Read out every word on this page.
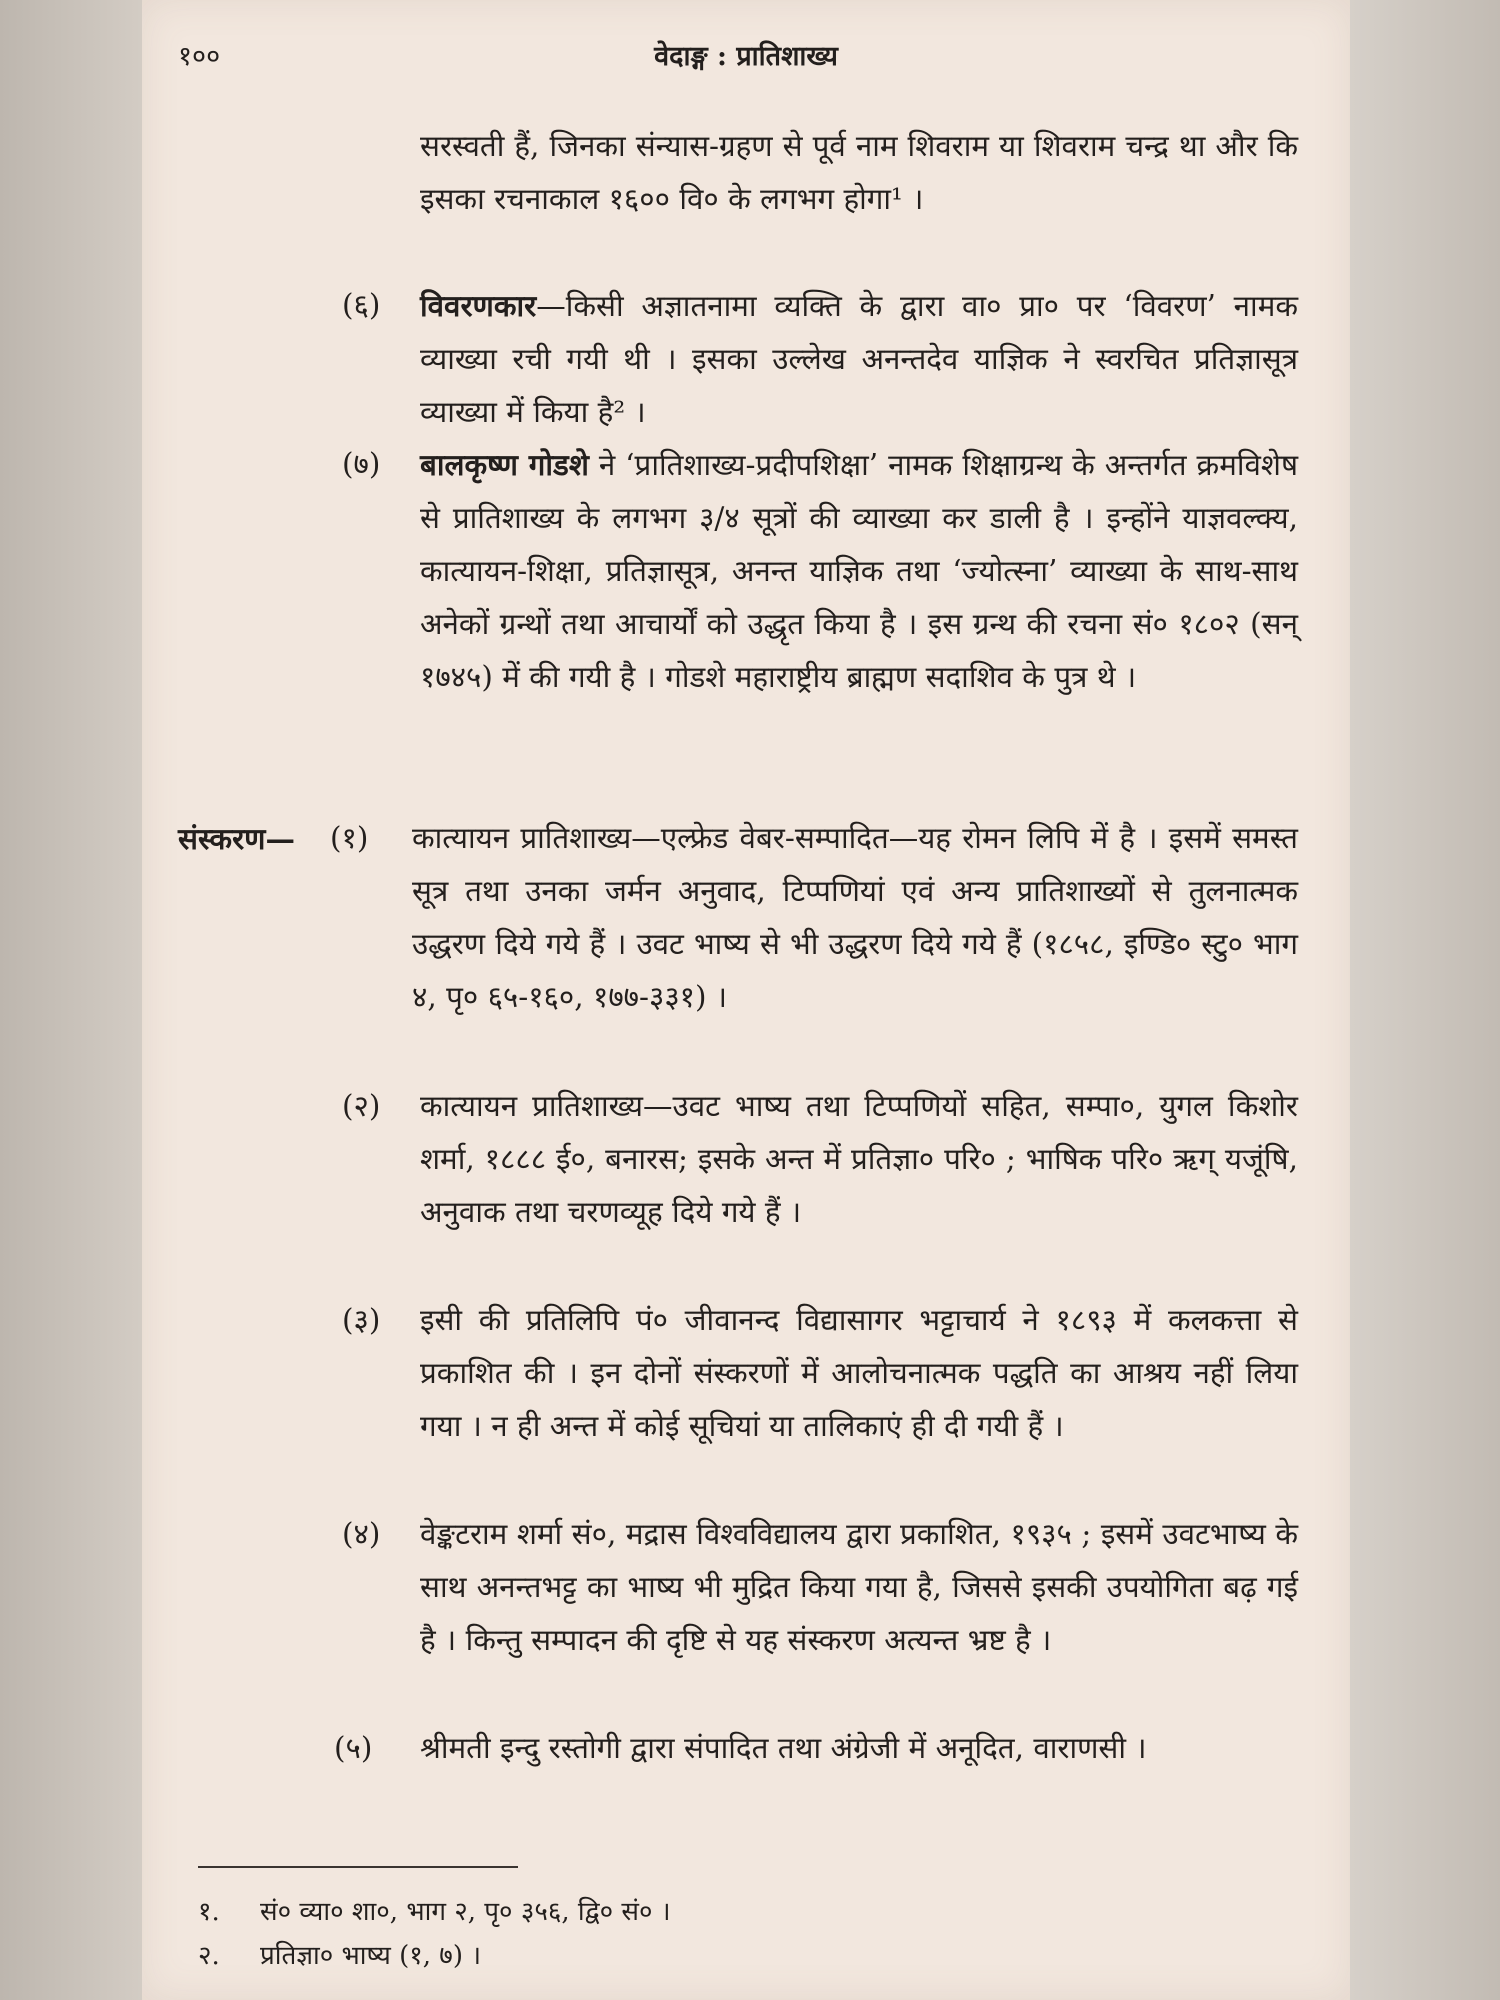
१००	वेदाङ्ग : प्रातिशाख्य
सरस्वती हैं, जिनका संन्यास-ग्रहण से पूर्व नाम शिवराम या शिवराम चन्द्र था और कि इसका रचनाकाल १६०० वि० के लगभग होगा¹ ।
(६) विवरणकार—किसी अज्ञातनामा व्यक्ति के द्वारा वा० प्रा० पर ‘विवरण’ नामक व्याख्या रची गयी थी । इसका उल्लेख अनन्तदेव याज्ञिक ने स्वरचित प्रतिज्ञासूत्र व्याख्या में किया है² ।
(७) बालकृष्ण गोडशे ने ‘प्रातिशाख्य-प्रदीपशिक्षा’ नामक शिक्षाग्रन्थ के अन्तर्गत क्रमविशेष से प्रातिशाख्य के लगभग ३/४ सूत्रों की व्याख्या कर डाली है । इन्होंने याज्ञवल्क्य, कात्यायन-शिक्षा, प्रतिज्ञासूत्र, अनन्त याज्ञिक तथा ‘ज्योत्स्ना’ व्याख्या के साथ-साथ अनेकों ग्रन्थों तथा आचार्यों को उद्धृत किया है । इस ग्रन्थ की रचना सं० १८०२ (सन् १७४५) में की गयी है । गोडशे महाराष्ट्रीय ब्राह्मण सदाशिव के पुत्र थे ।
संस्करण— (१) कात्यायन प्रातिशाख्य—एल्फ्रेड वेबर-सम्पादित—यह रोमन लिपि में है । इसमें समस्त सूत्र तथा उनका जर्मन अनुवाद, टिप्पणियां एवं अन्य प्रातिशाख्यों से तुलनात्मक उद्धरण दिये गये हैं । उवट भाष्य से भी उद्धरण दिये गये हैं (१८५८, इण्डि० स्टु० भाग ४, पृ० ६५-१६०, १७७-३३१) ।
(२) कात्यायन प्रातिशाख्य—उवट भाष्य तथा टिप्पणियों सहित, सम्पा०, युगल किशोर शर्मा, १८८८ ई०, बनारस; इसके अन्त में प्रतिज्ञा० परि० ; भाषिक परि० ऋग् यजूंषि, अनुवाक तथा चरणव्यूह दिये गये हैं ।
(३) इसी की प्रतिलिपि पं० जीवानन्द विद्यासागर भट्टाचार्य ने १८९३ में कलकत्ता से प्रकाशित की । इन दोनों संस्करणों में आलोचनात्मक पद्धति का आश्रय नहीं लिया गया । न ही अन्त में कोई सूचियां या तालिकाएं ही दी गयी हैं ।
(४) वेङ्कटराम शर्मा सं०, मद्रास विश्वविद्यालय द्वारा प्रकाशित, १९३५ ; इसमें उवटभाष्य के साथ अनन्तभट्ट का भाष्य भी मुद्रित किया गया है, जिससे इसकी उपयोगिता बढ़ गई है । किन्तु सम्पादन की दृष्टि से यह संस्करण अत्यन्त भ्रष्ट है ।
(५) श्रीमती इन्दु रस्तोगी द्वारा संपादित तथा अंग्रेजी में अनूदित, वाराणसी ।
१. सं० व्या० शा०, भाग २, पृ० ३५६, द्वि० सं० ।
२. प्रतिज्ञा० भाष्य (१, ७) ।
